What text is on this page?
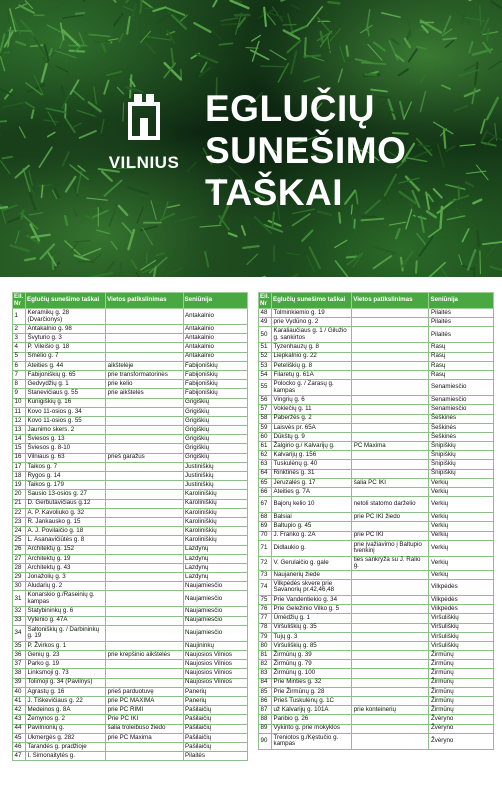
VILNIUS
EGLUČIŲ
SUNEŠIMO
TAŠKAI
Eil. Nr	Eglučių sunešimo taškai	Vietos patikslinimas	Seniūnija
1	Keramikų g. 28 (Dvarčionys)		Antakalnio
2	Antakalnio g. 98		Antakalnio
3	Švyturio g. 3		Antakalnio
4	P. Vileišio g. 18		Antakalnio
5	Smėlio g. 7		Antakalnio
6	Ateities g. 44	aikštelėje	Fabijoniškių
7	Fabijoniškių g. 65	prie transformatorinės	Fabijoniškių
8	Gedvydžių g. 1	prie kelio	Fabijoniškių
9	Stanevičiaus g. 55	prie aikštelės	Fabijoniškių
10	Kunigiškių g. 16		Grigiškių
11	Kovo 11-osios g. 34		Grigiškių
12	Kovo 11-osios g. 55		Grigiškių
13	Jaunimo skers. 2		Grigiškių
14	Šviesos g. 13		Grigiškių
15	Šviesos g. 8-10		Grigiškių
16	Vilniaus g. 63	prieš garažus	Grigiškių
17	Taikos g. 7		Justiniškių
18	Rygos g. 14		Justiniškių
19	Taikos g. 179		Justiniškių
20	Sausio 13-osios g. 27		Karoliniškių
21	D. Gerbutavičiaus g.12		Karoliniškių
22	A. P. Kavoliuko g. 32		Karoliniškių
23	R. Jankausko g. 15		Karoliniškių
24	A. J. Povilaičio g. 18		Karoliniškių
25	L. Asanavičiūtės g. 8		Karoliniškių
26	Architektų g. 152		Lazdynų
27	Architektų g. 19		Lazdynų
28	Architektų g. 43		Lazdynų
29	Jonažolių g. 3		Lazdynų
30	Aludarių g. 2		Naujamiesčio
31	Konarskio g./Raseinių g. kampas		Naujamiesčio
32	Statybininkų g. 6		Naujamiesčio
33	Vytenio g. 47A		Naujamiesčio
34	Saltoniškių g. / Darbininkų g. 19		Naujamiesčio
35	P. Žvirkos g. 1		Naujininkų
36	Genių g. 23	prie krepšinio aikštelės	Naujosios Vilnios
37	Parko g. 19		Naujosios Vilnios
38	Linksmoji g. 73		Naujosios Vilnios
39	Tolimoji g. 34 (Pavilnys)		Naujosios Vilnios
40	Agrastų g. 16	prieš parduotuvę	Panerių
41	J. Tiškevičiaus g. 22	prie PC MAXIMA	Panerių
42	Medeinos g. 8A	prie PC RIMI	Pašilaičių
43	Žemynos g. 2	Prie PC IKI	Pašilaičių
44	Pavilnionių g.	šalia troleibuso žiedo	Pašilaičių
45	Ukmergės g. 282	prie PC Maxima	Pašilaičių
46	Tarandės g. pradžioje		Pašilaičių
47	I. Simonaitytės g.		Pilaitės
Eil. Nr	Eglučių sunešimo taškai	Vietos patikslinimas	Seniūnija
48	Tolminkiemio g. 19		Pilaitės
49	prie Vydūno g. 2		Pilaitės
50	Karaliaučiaus g. 1 / Gilužio g. sankirtos		Pilaitės
51	Tyzenhauzų g. 8		Rasų
52	Liepkalnio g. 22		Rasų
53	Peteliškių g. 8		Rasų
54	Filaretų g. 61A		Rasų
55	Polocko g. / Zarasų g. kampas		Senamiesčio
56	Vingrių g. 6		Senamiesčio
57	Vokiečių g. 11		Senamiesčio
58	Paberžės g. 2		Šeškinės
59	Laisvės pr. 65A		Šeškinės
60	Dūkštų g. 9		Šeškinės
61	Žalgirio g./ Kalvarijų g.	PC Maxima	Šnipiškių
62	Kalvarijų g. 156		Šnipiškių
63	Tuskulėnų g. 40		Šnipiškių
64	Rinktinės g. 31		Šnipiškių
65	Jeruzalės g. 17	šalia PC IKI	Verkių
66	Ateities g. 7A		Verkių
67	Bajorų kelio 10	netoli statomo darželio	Verkių
68	Balsiai	prie PC IKI žiedo	Verkių
69	Baltupio g. 45		Verkių
70	J. Franko g. 2A	prie PC IKI	Verkių
71	Didlaukio g.	prie įvažiavimo į Baltupio tvenkinį	Verkių
72	V. Gerulaičio g. gale	ties sankryža su J. Ralio g.	Verkių
73	Naujanerių žiede		Verkių
74	Vilkpėdės skvere prie Savanorių pr.42,46,48		Vilkpėdės
75	Prie Vandentiekio g. 34		Vilkpėdės
76	Prie Geležinio Vilko g. 5		Vilkpėdės
77	Ūmėdžių g. 1		Viršuliškių
78	Viršuliškių g. 35		Viršuliškių
79	Tujų g. 3		Viršuliškių
80	Viršuliškių g. 85		Viršuliškių
81	Žirmūnų g. 39		Žirmūnų
82	Žirmūnų g. 79		Žirmūnų
83	Žirmūnų g. 100		Žirmūnų
84	Prie Minties g. 32		Žirmūnų
85	Prie Žirmūnų g. 28		Žirmūnų
86	Prieš Tuskulėnų g. 1C		Žirmūnų
87	už Kalvarijų g. 101A	prie konteinerių	Žirmūnų
88	Paribio g. 26		Žvėryno
89	Vykinto g. prie mokyklos		Žvėryno
90	Treniotos g./Kęstučio g. kampas		Žvėryno
